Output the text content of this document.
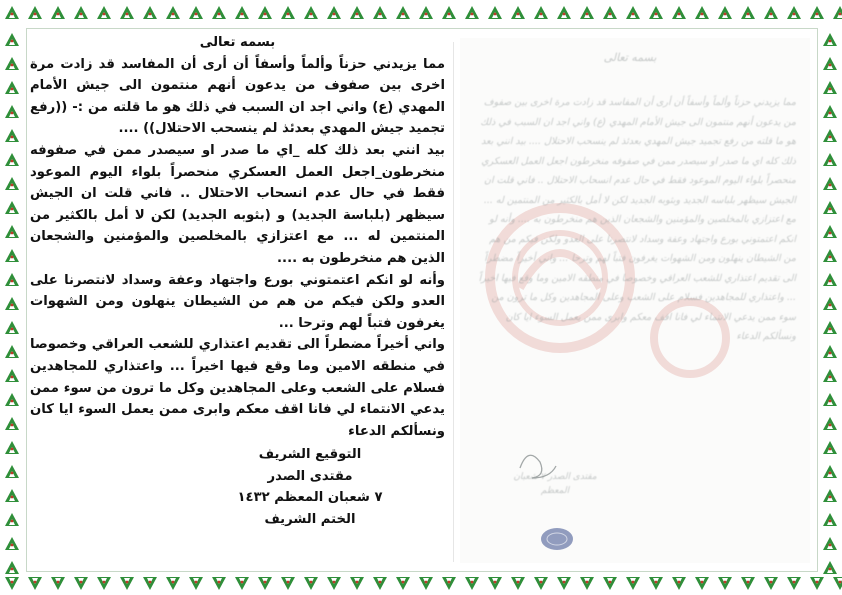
بسمه تعالى

مما يزيدني حزناً وألماً وأسفاً أن أرى أن المفاسد قد زادت مرة اخرى بين صفوف من يدعون أنهم منتمون الى جيش الأمام المهدي (ع) واني اجد ان السبب في ذلك هو ما قلته من :- ((رفع تجميد جيش المهدي بعدئذ لم ينسحب الاحتلال)) ....

بيد انني بعد ذلك كله _اي ما صدر او سيصدر ممن في صفوفه منخرطون_اجعل العمل العسكري منحصراً بلواء اليوم الموعود فقط في حال عدم انسحاب الاحتلال .. فاني قلت ان الجيش سيظهر (بلباسة الجديد) و (بثوبه الجديد) لكن لا أمل بالكثير من المنتمين له ... مع اعتزازي بالمخلصين والمؤمنين والشجعان الذين هم منخرطون به ....

وأنه لو انكم اعتمتوني بورع واجتهاد وعفة وسداد لانتصرنا على العدو ولكن فيكم من هم من الشيطان ينهلون ومن الشهوات يغرفون فتباً لهم وترحا ...

واني أخيراً مضطراً الى تقديم اعتذاري للشعب العراقي وخصوصا في منطقه الامين وما وقع فيها اخيراً ... واعتذاري للمجاهدين فسلام على الشعب وعلى المجاهدين وكل ما ترون من سوء ممن يدعي الانتماء لي فانا اقف معكم وابرى ممن يعمل السوء ايا كان ونسألكم الدعاء

التوقيع الشريف
مقتدى الصدر
٧ شعبان المعظم ١٤٣٢
الختم الشريف
بسمه تعالى
مما يزيدني حزناً وألماً وأسفاً أن أرى أن المفاسد قد زادت مرة اخرى بين صفوف من يدعون أنهم منتمون الى جيش الأمام المهدي (ع) واني اجد ان السبب في ذلك هو ما قلته من رفع تجميد جيش المهدي بعدئذ لم ينسحب الاحتلال .... بيد انني بعد ذلك كله اي ما صدر او سيصدر ممن في صفوفه منخرطون اجعل العمل العسكري منحصراً بلواء اليوم الموعود فقط في حال عدم انسحاب الاحتلال .. فاني قلت ان الجيش سيظهر بلباسه الجديد وبثوبه الجديد لكن لا أمل بالكثير من المنتمين له ... مع اعتزازي بالمخلصين والمؤمنين والشجعان الذين هم منخرطون به .... وأنه لو انكم اعتمتوني بورع واجتهاد وعفة وسداد لانتصرنا على العدو ولكن فيكم من هم من الشيطان ينهلون ومن الشهوات يغرفون فتباً لهم وترحا ... واني أخيراً مضطراً الى تقديم اعتذاري للشعب العراقي وخصوصا في منطقه الامين وما وقع فيها اخيراً ... واعتذاري للمجاهدين فسلام على الشعب وعلى المجاهدين وكل ما ترون من سوء ممن يدعي الانتماء لي فانا اقف معكم وابرى ممن يعمل السوء ايا كان ونسألكم الدعاء
مقتدى الصدر ٧ شعبان المعظم
